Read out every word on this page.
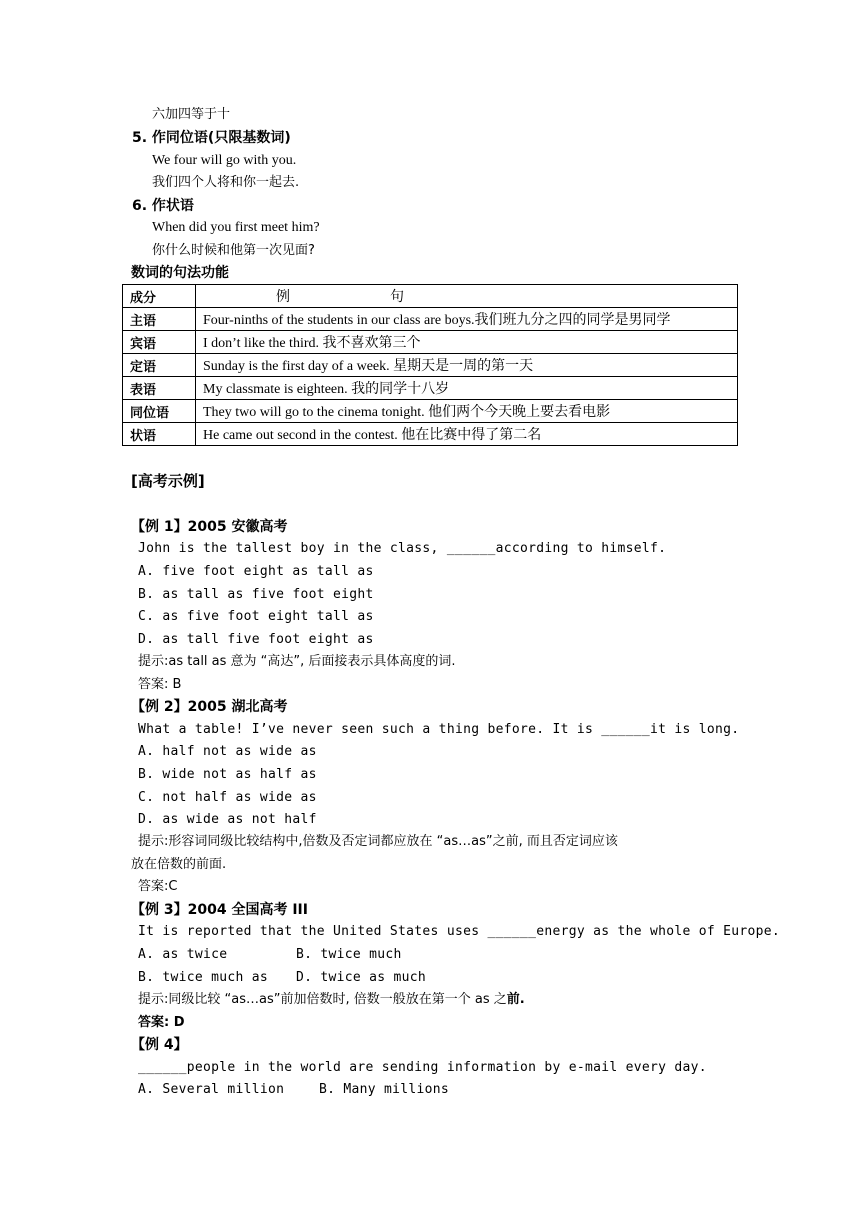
六加四等于十
5. 作同位语(只限基数词)
We four will go with you.
我们四个人将和你一起去.
6. 作状语
When did you first meet him?
你什么时候和他第一次见面?
数词的句法功能
成分	例 句
主语	Four-ninths of the students in our class are boys.我们班九分之四的同学是男同学
宾语	I don’t like the third. 我不喜欢第三个
定语	Sunday is the first day of a week. 星期天是一周的第一天
表语	My classmate is eighteen. 我的同学十八岁
同位语	They two will go to the cinema tonight. 他们两个今天晚上要去看电影
状语	He came out second in the contest. 他在比赛中得了第二名
[高考示例]
【例 1】2005 安徽高考
John is the tallest boy in the class, ______according to himself.
A. five foot eight as tall as
B. as tall as five foot eight
C. as five foot eight tall as
D. as tall five foot eight as
提示:as tall as 意为 “高达”, 后面接表示具体高度的词.
答案: B
【例 2】2005 湖北高考
What a table! I’ve never seen such a thing before. It is ______it is long.
A. half not as wide as
B. wide not as half as
C. not half as wide as
D. as wide as not half
提示:形容词同级比较结构中,倍数及否定词都应放在 “as…as”之前, 而且否定词应该
放在倍数的前面.
答案:C
【例 3】2004 全国高考 III
It is reported that the United States uses ______energy as the whole of Europe.
A. as twice	B. twice much
B. twice much as D. twice as much
提示:同级比较 “as…as”前加倍数时, 倍数一般放在第一个 as 之前.
答案: D
【例 4】
______people in the world are sending information by e-mail every day.
A. Several million	B. Many millions
